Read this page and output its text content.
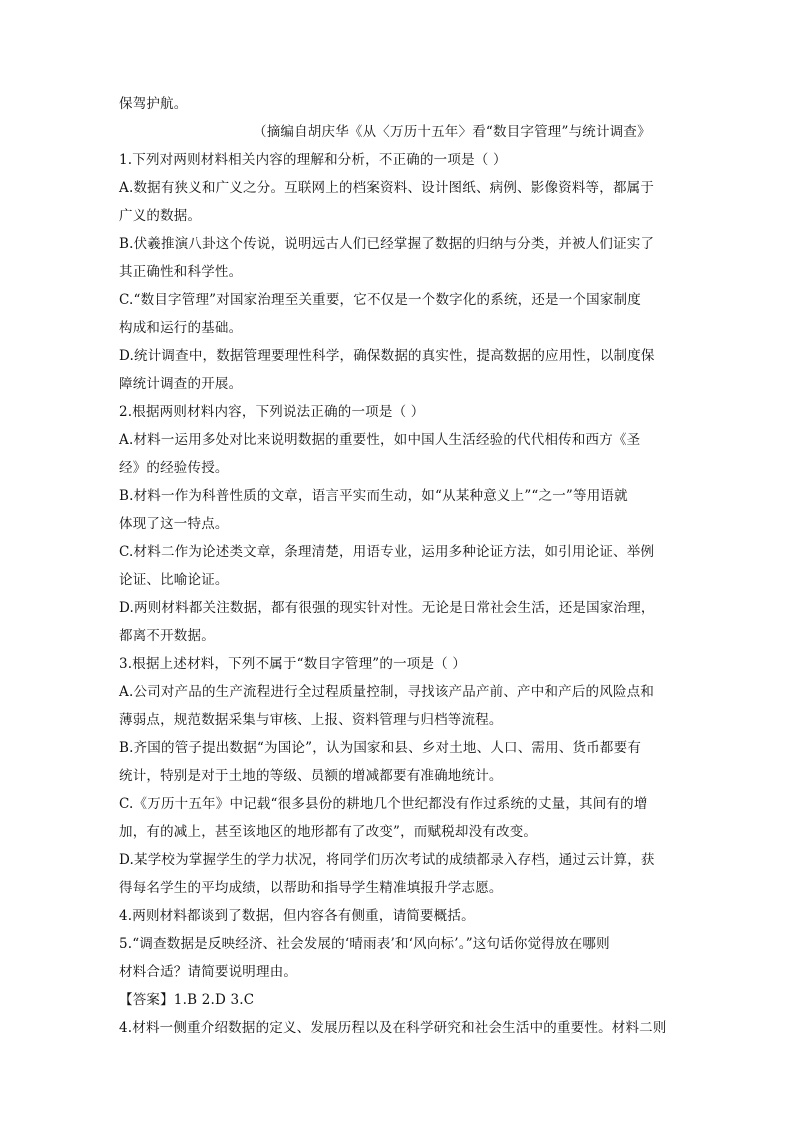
保驾护航。
（摘编自胡庆华《从〈万历十五年〉看“数目字管理”与统计调查》
1.下列对两则材料相关内容的理解和分析，不正确的一项是（ ）
A.数据有狭义和广义之分。互联网上的档案资料、设计图纸、病例、影像资料等，都属于
广义的数据。
B.伏羲推演八卦这个传说，说明远古人们已经掌握了数据的归纳与分类，并被人们证实了
其正确性和科学性。
C.“数目字管理”对国家治理至关重要，它不仅是一个数字化的系统，还是一个国家制度
构成和运行的基础。
D.统计调查中，数据管理要理性科学，确保数据的真实性，提高数据的应用性，以制度保
障统计调查的开展。
2.根据两则材料内容，下列说法正确的一项是（ ）
A.材料一运用多处对比来说明数据的重要性，如中国人生活经验的代代相传和西方《圣
经》的经验传授。
B.材料一作为科普性质的文章，语言平实而生动，如“从某种意义上”“之一”等用语就
体现了这一特点。
C.材料二作为论述类文章，条理清楚，用语专业，运用多种论证方法，如引用论证、举例
论证、比喻论证。
D.两则材料都关注数据，都有很强的现实针对性。无论是日常社会生活，还是国家治理，
都离不开数据。
3.根据上述材料，下列不属于“数目字管理”的一项是（ ）
A.公司对产品的生产流程进行全过程质量控制，寻找该产品产前、产中和产后的风险点和
薄弱点，规范数据采集与审核、上报、资料管理与归档等流程。
B.齐国的管子提出数据“为国论”，认为国家和县、乡对土地、人口、需用、货币都要有
统计，特别是对于土地的等级、员额的增减都要有准确地统计。
C.《万历十五年》中记载“很多县份的耕地几个世纪都没有作过系统的丈量，其间有的增
加，有的减上，甚至该地区的地形都有了改变”，而赋税却没有改变。
D.某学校为掌握学生的学力状况，将同学们历次考试的成绩都录入存档，通过云计算，获
得每名学生的平均成绩，以帮助和指导学生精准填报升学志愿。
4.两则材料都谈到了数据，但内容各有侧重，请简要概括。
5.“调查数据是反映经济、社会发展的‘晴雨表’和‘风向标’。”这句话你觉得放在哪则
材料合适？请简要说明理由。
【答案】1.B 2.D 3.C
4.材料一侧重介绍数据的定义、发展历程以及在科学研究和社会生活中的重要性。材料二则
